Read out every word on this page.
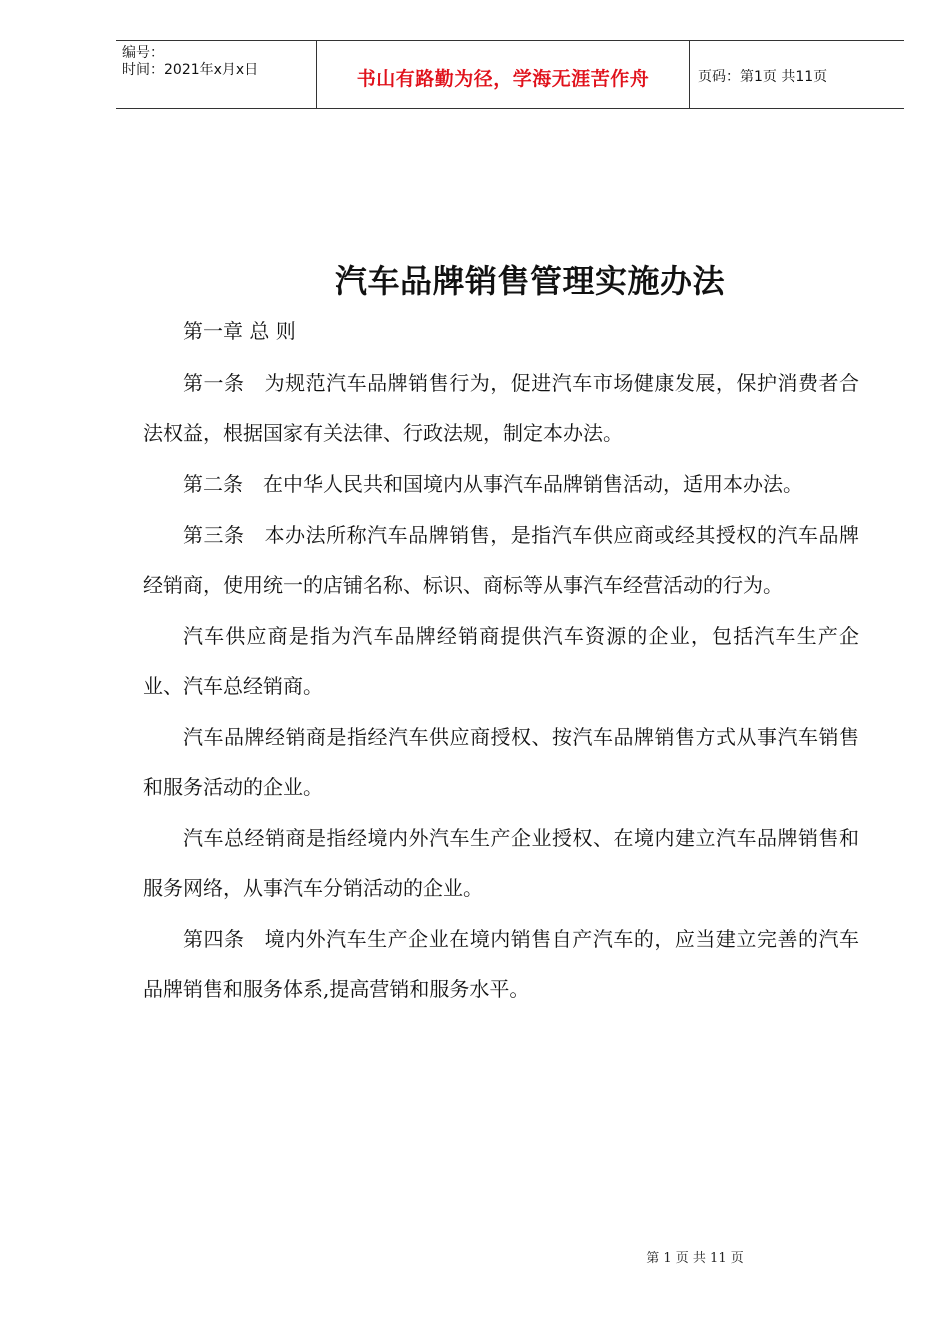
编号：
时间：2021年x月x日	书山有路勤为径，学海无涯苦作舟	页码：第1页 共11页
汽车品牌销售管理实施办法

第一章 总 则

第一条 为规范汽车品牌销售行为，促进汽车市场健康发展，保护消费者合法权益，根据国家有关法律、行政法规，制定本办法。

第二条 在中华人民共和国境内从事汽车品牌销售活动，适用本办法。

第三条 本办法所称汽车品牌销售，是指汽车供应商或经其授权的汽车品牌经销商，使用统一的店铺名称、标识、商标等从事汽车经营活动的行为。

汽车供应商是指为汽车品牌经销商提供汽车资源的企业，包括汽车生产企业、汽车总经销商。

汽车品牌经销商是指经汽车供应商授权、按汽车品牌销售方式从事汽车销售和服务活动的企业。

汽车总经销商是指经境内外汽车生产企业授权、在境内建立汽车品牌销售和服务网络，从事汽车分销活动的企业。

第四条 境内外汽车生产企业在境内销售自产汽车的，应当建立完善的汽车品牌销售和服务体系,提高营销和服务水平。

第 1 页 共 11 页
